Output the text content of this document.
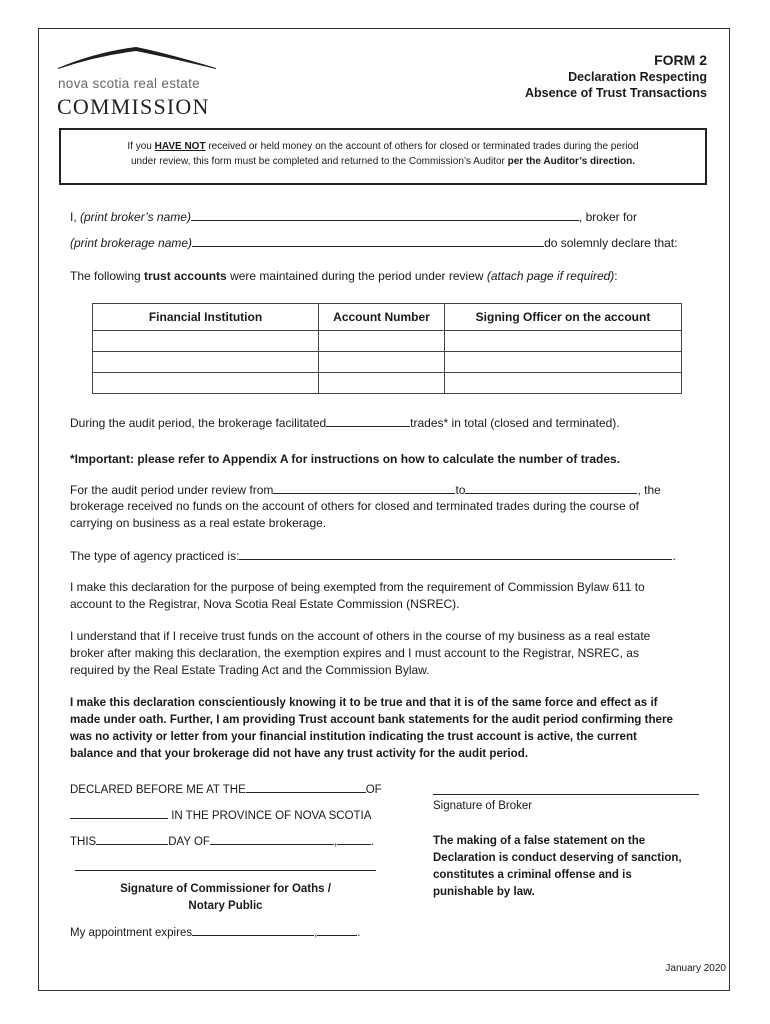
nova scotia real estate
COMMISSION
FORM 2
Declaration Respecting
Absence of Trust Transactions
If you HAVE NOT received or held money on the account of others for closed or terminated trades during the period
under review, this form must be completed and returned to the Commission’s Auditor per the Auditor’s direction.
I, (print broker’s name)	, broker for
(print brokerage name)	do solemnly declare that:
The following trust accounts were maintained during the period under review (attach page if required):
Financial Institution	Account Number	Signing Officer on the account

During the audit period, the brokerage facilitated	trades* in total (closed and terminated).
*Important: please refer to Appendix A for instructions on how to calculate the number of trades.
For the audit period under review from	to	, the
brokerage received no funds on the account of others for closed and terminated trades during the course of
carrying on business as a real estate brokerage.
The type of agency practiced is:	.
I make this declaration for the purpose of being exempted from the requirement of Commission Bylaw 611 to
account to the Registrar, Nova Scotia Real Estate Commission (NSREC).
I understand that if I receive trust funds on the account of others in the course of my business as a real estate
broker after making this declaration, the exemption expires and I must account to the Registrar, NSREC, as
required by the Real Estate Trading Act and the Commission Bylaw.
I make this declaration conscientiously knowing it to be true and that it is of the same force and effect as if
made under oath. Further, I am providing Trust account bank statements for the audit period confirming there
was no activity or letter from your financial institution indicating the trust account is active, the current
balance and that your brokerage did not have any trust activity for the audit period.
DECLARED BEFORE ME AT THE	OF
IN THE PROVINCE OF NOVA SCOTIA
THIS	DAY OF	,	.
Signature of Commissioner for Oaths /
Notary Public
My appointment expires	,	.
Signature of Broker
The making of a false statement on the
Declaration is conduct deserving of sanction,
constitutes a criminal offense and is
punishable by law.
January 2020
